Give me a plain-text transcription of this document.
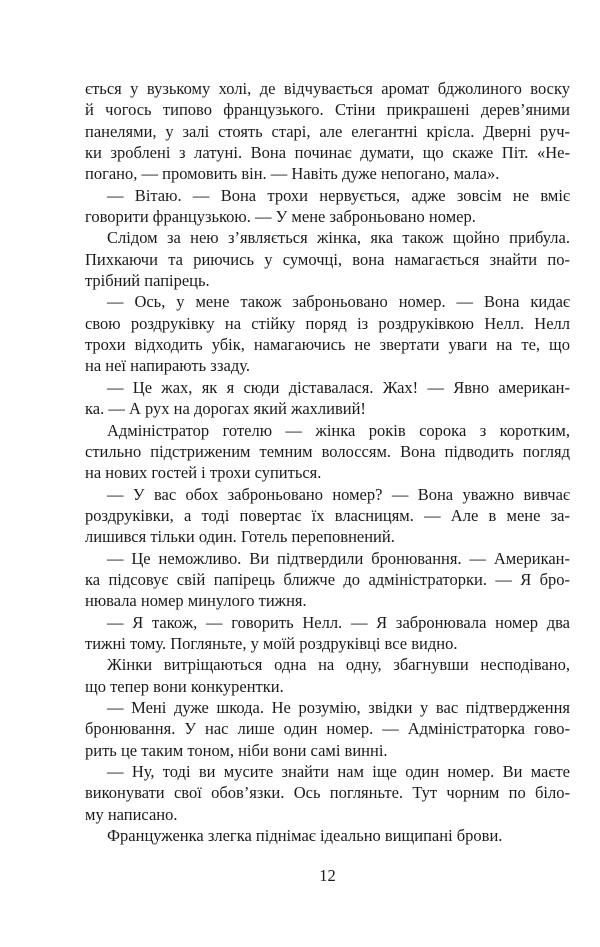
ється у вузькому холі, де відчувається аромат бджолиного воску
й чогось типово французького. Стіни прикрашені дерев’яними
панелями, у залі стоять старі, але елегантні крісла. Дверні руч-
ки зроблені з латуні. Вона починає думати, що скаже Піт. «Не-
погано, — промовить він. — Навіть дуже непогано, мала».
— Вітаю. — Вона трохи нервується, адже зовсім не вміє
говорити французькою. — У мене заброньовано номер.
Слідом за нею з’являється жінка, яка також щойно прибула.
Пихкаючи та риючись у сумочці, вона намагається знайти по-
трібний папірець.
— Ось, у мене також заброньовано номер. — Вона кидає
свою роздруківку на стійку поряд із роздруківкою Нелл. Нелл
трохи відходить убік, намагаючись не звертати уваги на те, що
на неї напирають ззаду.
— Це жах, як я сюди діставалася. Жах! — Явно американ-
ка. — А рух на дорогах який жахливий!
Адміністратор готелю — жінка років сорока з коротким,
стильно підстриженим темним волоссям. Вона підводить погляд
на нових гостей і трохи супиться.
— У вас обох заброньовано номер? — Вона уважно вивчає
роздруківки, а тоді повертає їх власницям. — Але в мене за-
лишився тільки один. Готель переповнений.
— Це неможливо. Ви підтвердили бронювання. — Американ-
ка підсовує свій папірець ближче до адміністраторки. — Я бро-
нювала номер минулого тижня.
— Я також, — говорить Нелл. — Я забронювала номер два
тижні тому. Погляньте, у моїй роздруківці все видно.
Жінки витріщаються одна на одну, збагнувши несподівано,
що тепер вони конкурентки.
— Мені дуже шкода. Не розумію, звідки у вас підтвердження
бронювання. У нас лише один номер. — Адміністраторка гово-
рить це таким тоном, ніби вони самі винні.
— Ну, тоді ви мусите знайти нам іще один номер. Ви маєте
виконувати свої обов’язки. Ось погляньте. Тут чорним по біло-
му написано.
Француженка злегка піднімає ідеально вищипані брови.
12
